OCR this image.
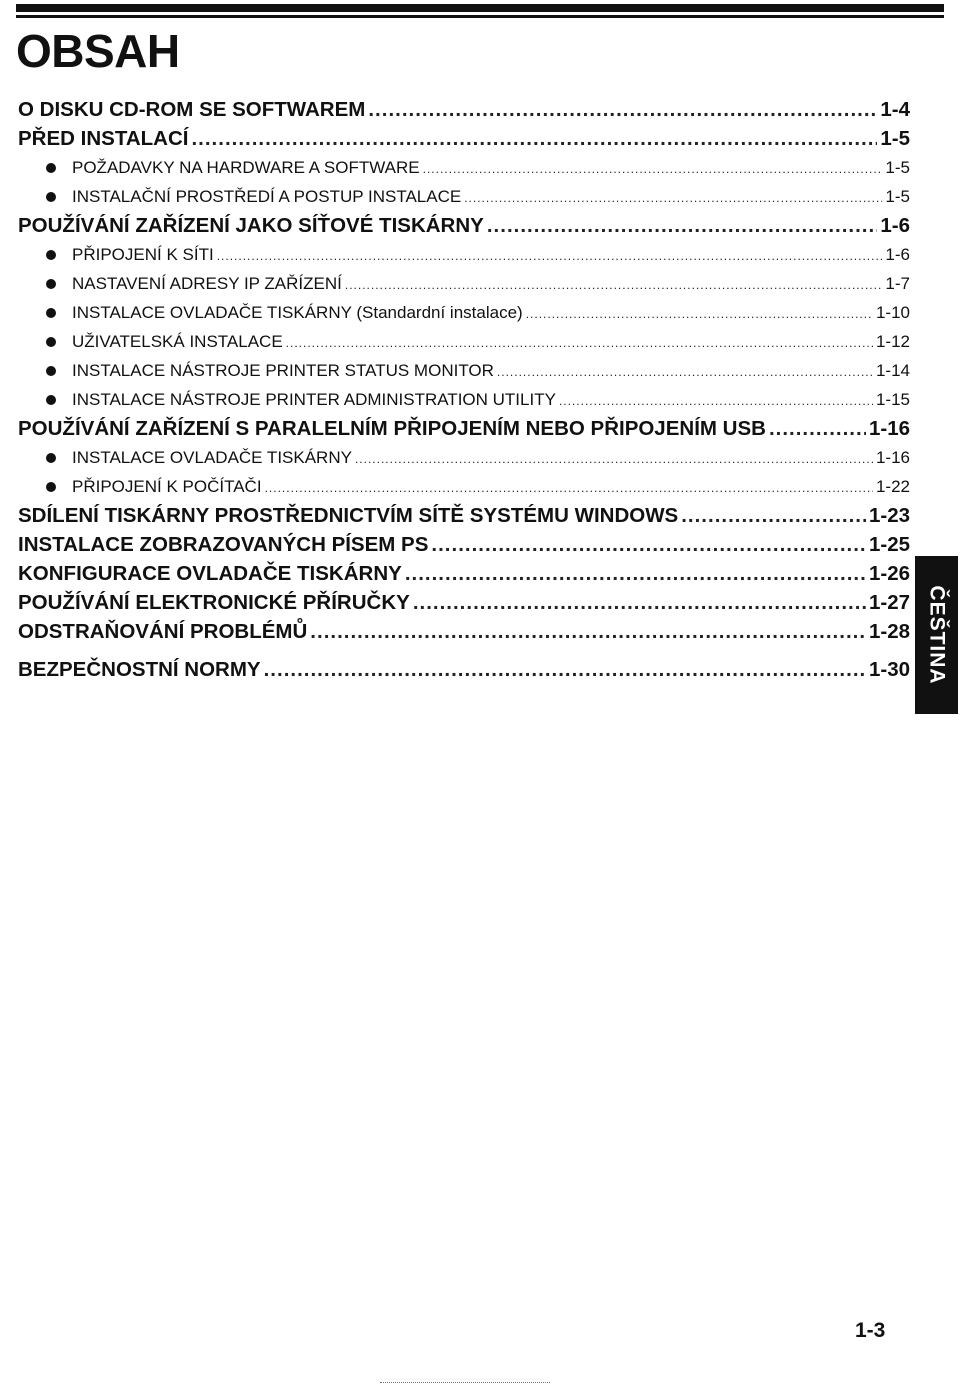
OBSAH
O DISKU CD-ROM SE SOFTWAREM .....	1-4
PŘED INSTALACÍ .....	1-5
POŽADAVKY NA HARDWARE A SOFTWARE .....	1-5
INSTALAČNÍ PROSTŘEDÍ A POSTUP INSTALACE .....	1-5
POUŽÍVÁNÍ ZAŘÍZENÍ JAKO SÍŤOVÉ TISKÁRNY .....	1-6
PŘIPOJENÍ K SÍTI .....	1-6
NASTAVENÍ ADRESY IP ZAŘÍZENÍ .....	1-7
INSTALACE OVLADAČE TISKÁRNY (Standardní instalace) .....	1-10
UŽIVATELSKÁ INSTALACE .....	1-12
INSTALACE NÁSTROJE PRINTER STATUS MONITOR .....	1-14
INSTALACE NÁSTROJE PRINTER ADMINISTRATION UTILITY .....	1-15
POUŽÍVÁNÍ ZAŘÍZENÍ S PARALELNÍM PŘIPOJENÍM NEBO PŘIPOJENÍM USB .....	1-16
INSTALACE OVLADAČE TISKÁRNY .....	1-16
PŘIPOJENÍ K POČÍTAČI .....	1-22
SDÍLENÍ TISKÁRNY PROSTŘEDNICTVÍM SÍTĚ SYSTÉMU WINDOWS .....	1-23
INSTALACE ZOBRAZOVANÝCH PÍSEM PS .....	1-25
KONFIGURACE OVLADAČE TISKÁRNY .....	1-26
POUŽÍVÁNÍ ELEKTRONICKÉ PŘÍRUČKY .....	1-27
ODSTRAŇOVÁNÍ PROBLÉMŮ .....	1-28
BEZPEČNOSTNÍ NORMY .....	1-30 ČEŠTINA
1-3
